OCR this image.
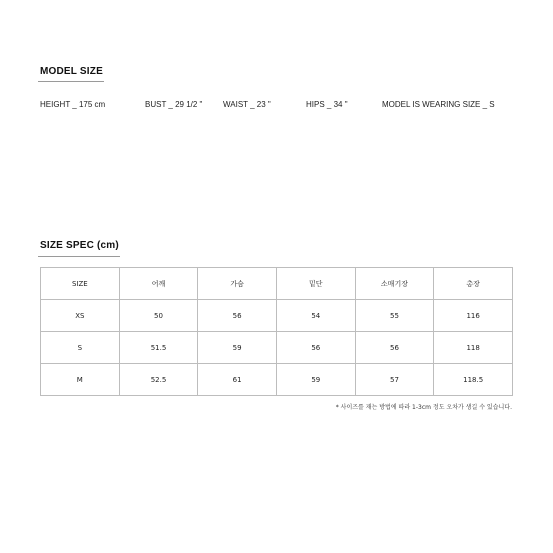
MODEL SIZE
HEIGHT _ 175 cm	BUST _ 29 1/2 "	WAIST _ 23 "	HIPS _ 34 "	MODEL IS WEARING SIZE _ S
SIZE SPEC (cm)
SIZE	어깨	가슴	밑단	소매기장	총장
XS	50	56	54	55	116
S	51.5	59	56	56	118
M	52.5	61	59	57	118.5
* 사이즈를 재는 방법에 따라 1-3cm 정도 오차가 생길 수 있습니다.
